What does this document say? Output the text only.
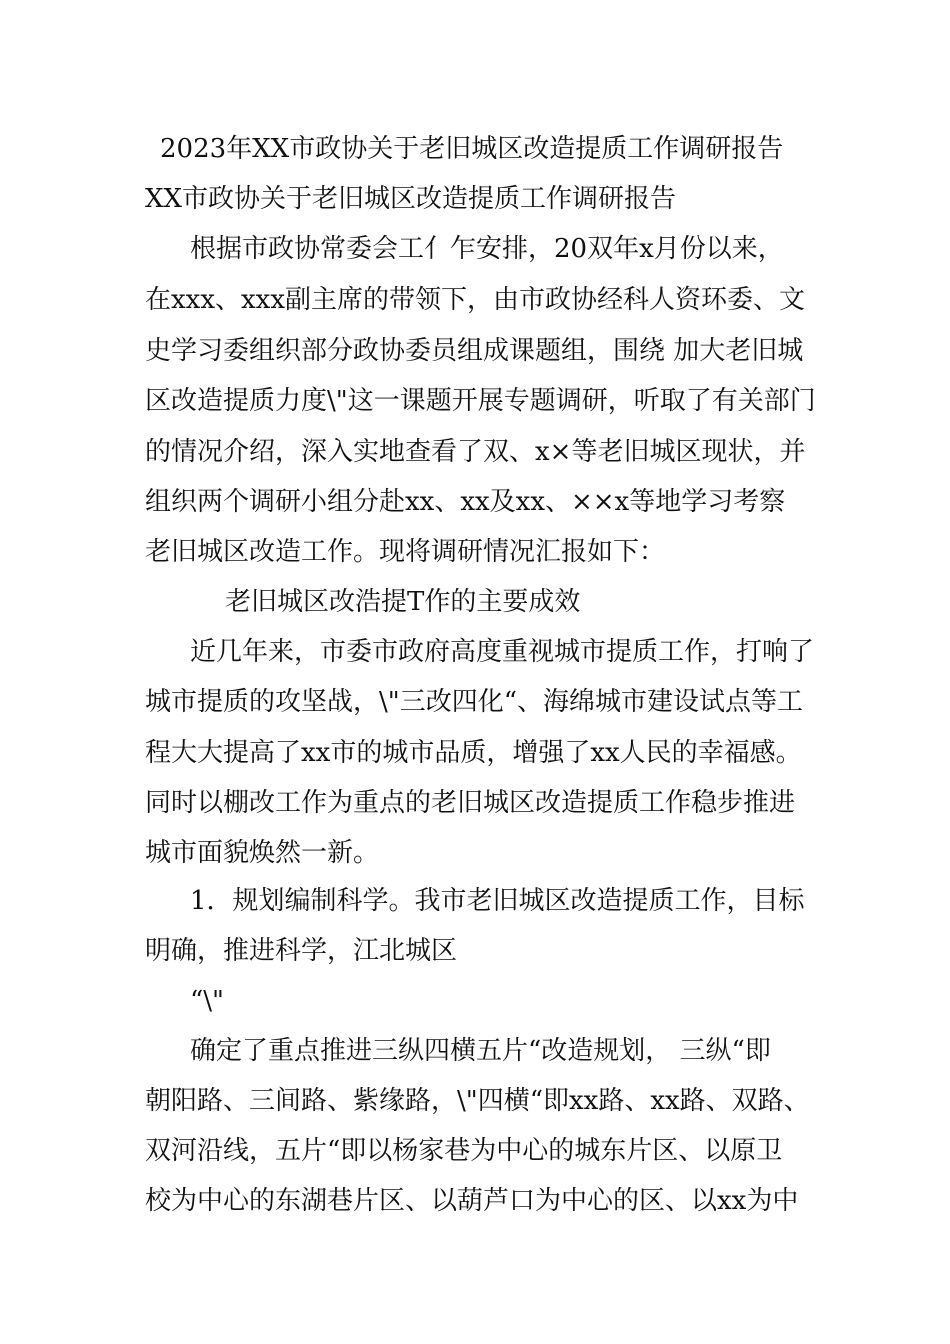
2023年XX市政协关于老旧城区改造提质工作调研报告
XX市政协关于老旧城区改造提质工作调研报告
根据市政协常委会工亻乍安排，20双年x月份以来，
在xxx、xxx副主席的带领下，由市政协经科人资环委、文
史学习委组织部分政协委员组成课题组，围绕 加大老旧城
区改造提质力度\"这一课题开展专题调研，听取了有关部门
的情况介绍，深入实地查看了双、x×等老旧城区现状，并
组织两个调研小组分赴xx、xx及xx、××x等地学习考察
老旧城区改造工作。现将调研情况汇报如下：
老旧城区改浩提T作的主要成效
近几年来，市委市政府高度重视城市提质工作，打响了
城市提质的攻坚战，\"三改四化“、海绵城市建设试点等工
程大大提高了xx市的城市品质，增强了xx人民的幸福感。
同时以棚改工作为重点的老旧城区改造提质工作稳步推进
城市面貌焕然一新。
1．规划编制科学。我市老旧城区改造提质工作，目标
明确，推进科学，江北城区
“\"
确定了重点推进三纵四横五片“改造规划， 三纵“即
朝阳路、三间路、紫缘路，\"四横“即xx路、xx路、双路、
双河沿线，五片“即以杨家巷为中心的城东片区、以原卫
校为中心的东湖巷片区、以葫芦口为中心的区、以xx为中
